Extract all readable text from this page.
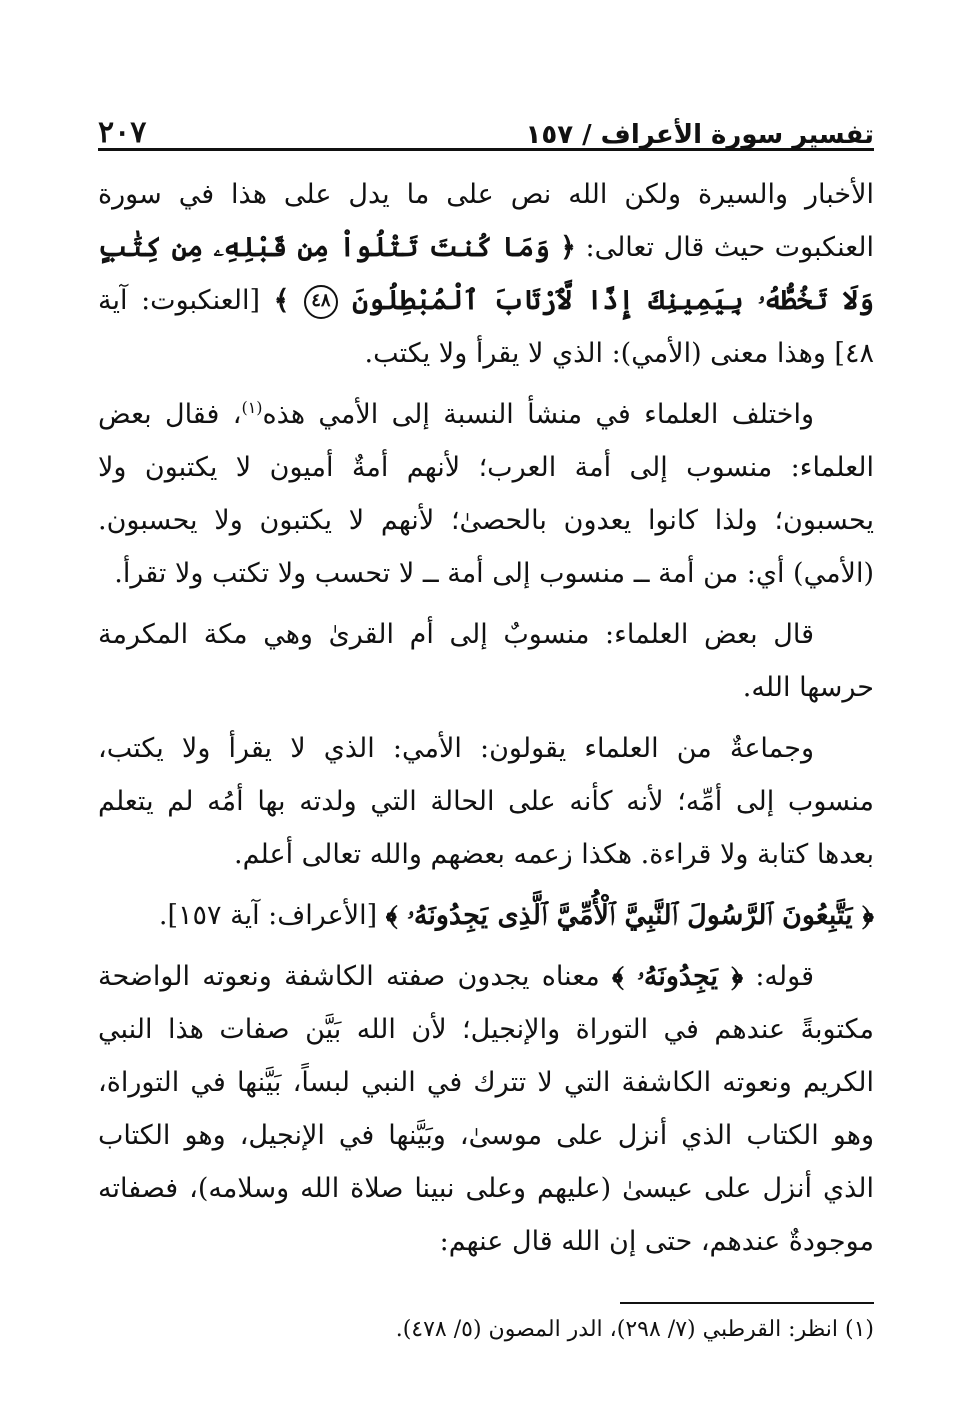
٢٠٧	تفسير سورة الأعراف / ١٥٧

الأخبار والسيرة ولكن الله نص على ما يدل على هذا في سورة العنكبوت حيث قال تعالى: ﴿ وَمَا كُنتَ تَتْلُواْ مِن قَبْلِهِۦ مِن كِتَٰبٍ وَلَا تَخُطُّهُۥ بِيَمِينِكَ إِذًا لَّٱرْتَابَ ٱلْمُبْطِلُونَ ٤٨ ﴾ [العنكبوت: آية ٤٨] وهذا معنى (الأمي): الذي لا يقرأ ولا يكتب.

واختلف العلماء في منشأ النسبة إلى الأمي هذه$^{(١)}$، فقال بعض العلماء: منسوب إلى أمة العرب؛ لأنهم أمةٌ أميون لا يكتبون ولا يحسبون؛ ولذا كانوا يعدون بالحصىٰ؛ لأنهم لا يكتبون ولا يحسبون. (الأمي) أي: من أمة ــ منسوب إلى أمة ــ لا تحسب ولا تكتب ولا تقرأ.

قال بعض العلماء: منسوبٌ إلى أم القرىٰ وهي مكة المكرمة حرسها الله.

وجماعةٌ من العلماء يقولون: الأمي: الذي لا يقرأ ولا يكتب، منسوب إلى أمِّه؛ لأنه كأنه على الحالة التي ولدته بها أمُه لم يتعلم بعدها كتابة ولا قراءة. هكذا زعمه بعضهم والله تعالى أعلم.

﴿ يَتَّبِعُونَ ٱلرَّسُولَ ٱلنَّبِيَّ ٱلْأُمِّيَّ ٱلَّذِى يَجِدُونَهُۥ ﴾ [الأعراف: آية ١٥٧].

قوله: ﴿ يَجِدُونَهُۥ ﴾ معناه يجدون صفته الكاشفة ونعوته الواضحة مكتوبةً عندهم في التوراة والإنجيل؛ لأن الله بَيَّن صفات هذا النبي الكريم ونعوته الكاشفة التي لا تترك في النبي لبساً، بَيَّنها في التوراة، وهو الكتاب الذي أنزل على موسىٰ، وبَيَّنها في الإنجيل، وهو الكتاب الذي أنزل على عيسىٰ (عليهم وعلى نبينا صلاة الله وسلامه)، فصفاته موجودةٌ عندهم، حتى إن الله قال عنهم:

(١) انظر: القرطبي (٧/ ٢٩٨)، الدر المصون (٥/ ٤٧٨).
